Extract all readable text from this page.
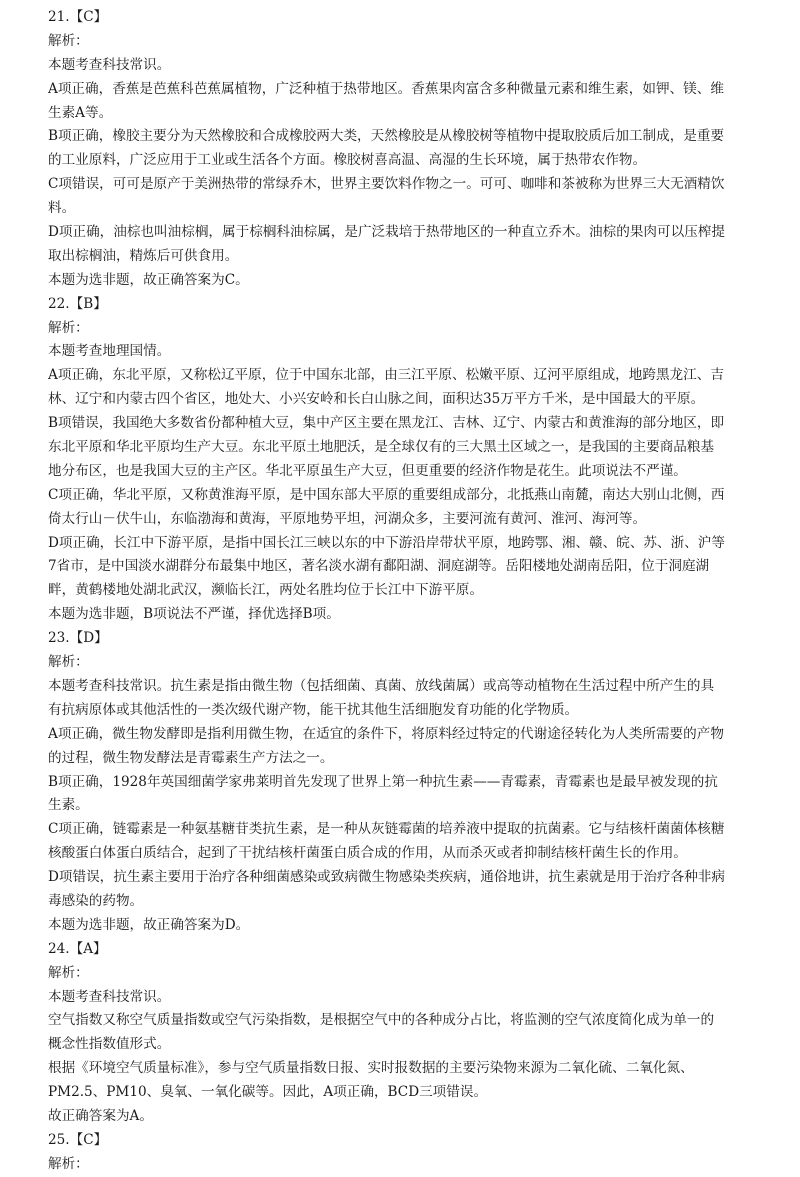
21.【C】
解析：
本题考查科技常识。
A项正确，香蕉是芭蕉科芭蕉属植物，广泛种植于热带地区。香蕉果肉富含多种微量元素和维生素，如钾、镁、维
生素A等。
B项正确，橡胶主要分为天然橡胶和合成橡胶两大类，天然橡胶是从橡胶树等植物中提取胶质后加工制成，是重要
的工业原料，广泛应用于工业或生活各个方面。橡胶树喜高温、高湿的生长环境，属于热带农作物。
C项错误，可可是原产于美洲热带的常绿乔木，世界主要饮料作物之一。可可、咖啡和茶被称为世界三大无酒精饮
料。
D项正确，油棕也叫油棕榈，属于棕榈科油棕属，是广泛栽培于热带地区的一种直立乔木。油棕的果肉可以压榨提
取出棕榈油，精炼后可供食用。
本题为选非题，故正确答案为C。
22.【B】
解析：
本题考查地理国情。
A项正确，东北平原，又称松辽平原，位于中国东北部，由三江平原、松嫩平原、辽河平原组成，地跨黑龙江、吉
林、辽宁和内蒙古四个省区，地处大、小兴安岭和长白山脉之间，面积达35万平方千米，是中国最大的平原。
B项错误，我国绝大多数省份都种植大豆，集中产区主要在黑龙江、吉林、辽宁、内蒙古和黄淮海的部分地区，即
东北平原和华北平原均生产大豆。东北平原土地肥沃，是全球仅有的三大黑土区域之一，是我国的主要商品粮基
地分布区，也是我国大豆的主产区。华北平原虽生产大豆，但更重要的经济作物是花生。此项说法不严谨。
C项正确，华北平原，又称黄淮海平原，是中国东部大平原的重要组成部分，北抵燕山南麓，南达大别山北侧，西
倚太行山－伏牛山，东临渤海和黄海，平原地势平坦，河湖众多，主要河流有黄河、淮河、海河等。
D项正确，长江中下游平原，是指中国长江三峡以东的中下游沿岸带状平原，地跨鄂、湘、赣、皖、苏、浙、沪等
7省市，是中国淡水湖群分布最集中地区，著名淡水湖有鄱阳湖、洞庭湖等。岳阳楼地处湖南岳阳，位于洞庭湖
畔，黄鹤楼地处湖北武汉，濒临长江，两处名胜均位于长江中下游平原。
本题为选非题，B项说法不严谨，择优选择B项。
23.【D】
解析：
本题考查科技常识。抗生素是指由微生物（包括细菌、真菌、放线菌属）或高等动植物在生活过程中所产生的具
有抗病原体或其他活性的一类次级代谢产物，能干扰其他生活细胞发育功能的化学物质。
A项正确，微生物发酵即是指利用微生物，在适宜的条件下，将原料经过特定的代谢途径转化为人类所需要的产物
的过程，微生物发酵法是青霉素生产方法之一。
B项正确，1928年英国细菌学家弗莱明首先发现了世界上第一种抗生素——青霉素，青霉素也是最早被发现的抗
生素。
C项正确，链霉素是一种氨基糖苷类抗生素，是一种从灰链霉菌的培养液中提取的抗菌素。它与结核杆菌菌体核糖
核酸蛋白体蛋白质结合，起到了干扰结核杆菌蛋白质合成的作用，从而杀灭或者抑制结核杆菌生长的作用。
D项错误，抗生素主要用于治疗各种细菌感染或致病微生物感染类疾病，通俗地讲，抗生素就是用于治疗各种非病
毒感染的药物。
本题为选非题，故正确答案为D。
24.【A】
解析：
本题考查科技常识。
空气指数又称空气质量指数或空气污染指数，是根据空气中的各种成分占比，将监测的空气浓度简化成为单一的
概念性指数值形式。
根据《环境空气质量标准》，参与空气质量指数日报、实时报数据的主要污染物来源为二氧化硫、二氧化氮、
PM2.5、PM10、臭氧、一氧化碳等。因此，A项正确，BCD三项错误。
故正确答案为A。
25.【C】
解析：
